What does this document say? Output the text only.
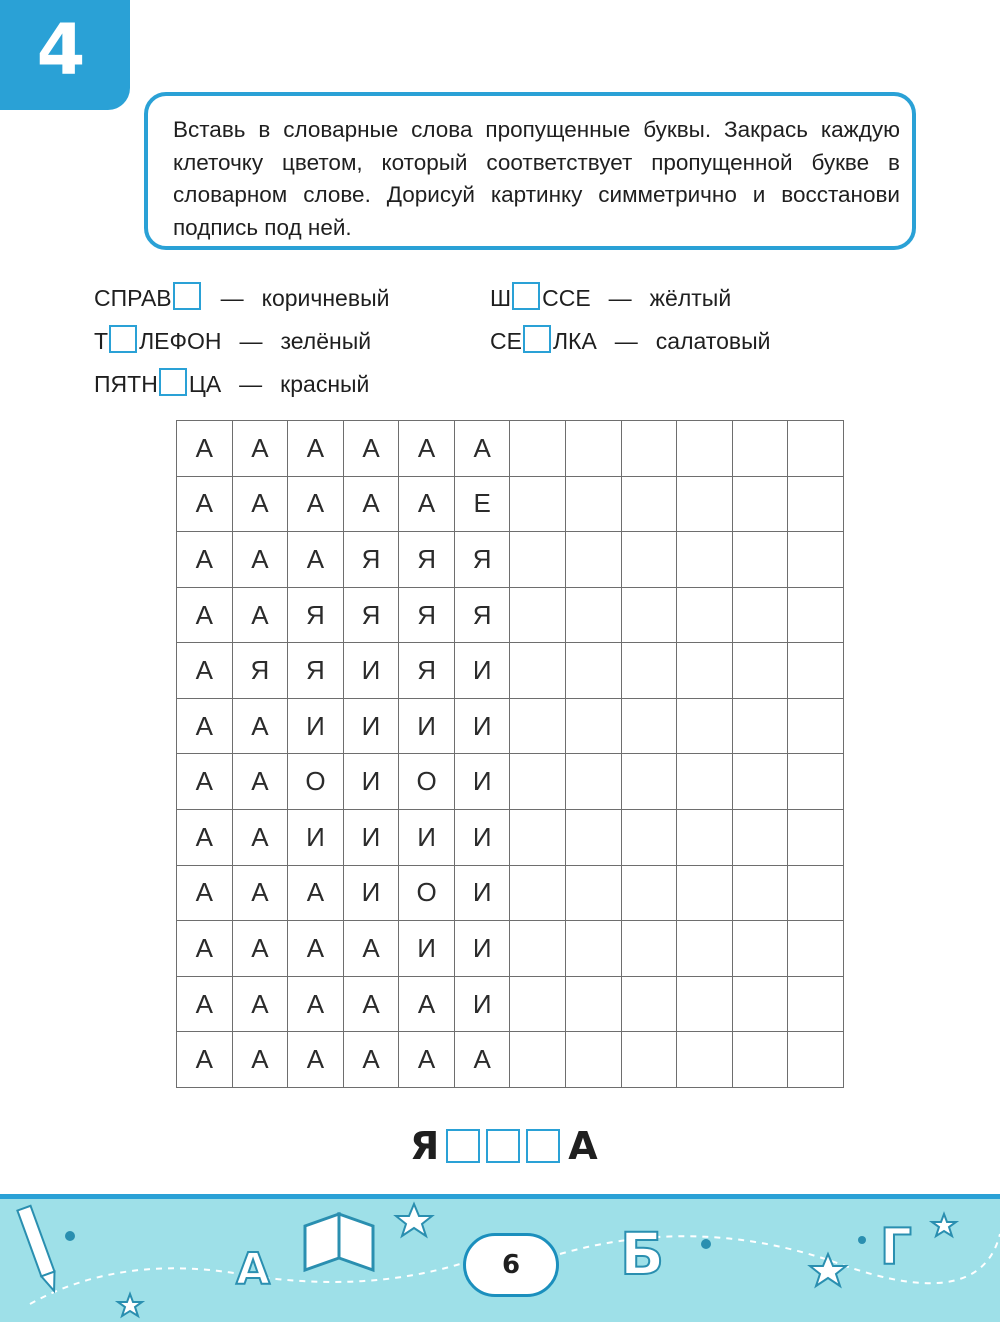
4
Вставь в словарные слова пропущенные буквы. Закрась каждую клеточку цветом, который соответствует пропущенной букве в словарном слове. Дорисуй картинку симметрично и восстанови подпись под ней.
СПРАВ — коричневый
Т ЛЕФОН — зелёный
ПЯТН ЦА — красный
Ш ССЕ — жёлтый
СЕ ЛКА — салатовый
А	А	А	А	А	А						
А	А	А	А	А	Е						
А	А	А	Я	Я	Я						
А	А	Я	Я	Я	Я						
А	Я	Я	И	Я	И						
А	А	И	И	И	И						
А	А	О	И	О	И						
А	А	И	И	И	И						
А	А	А	И	О	И						
А	А	А	А	И	И						
А	А	А	А	А	И						
А	А	А	А	А	А						
Я	А
A	Б	Г
6
